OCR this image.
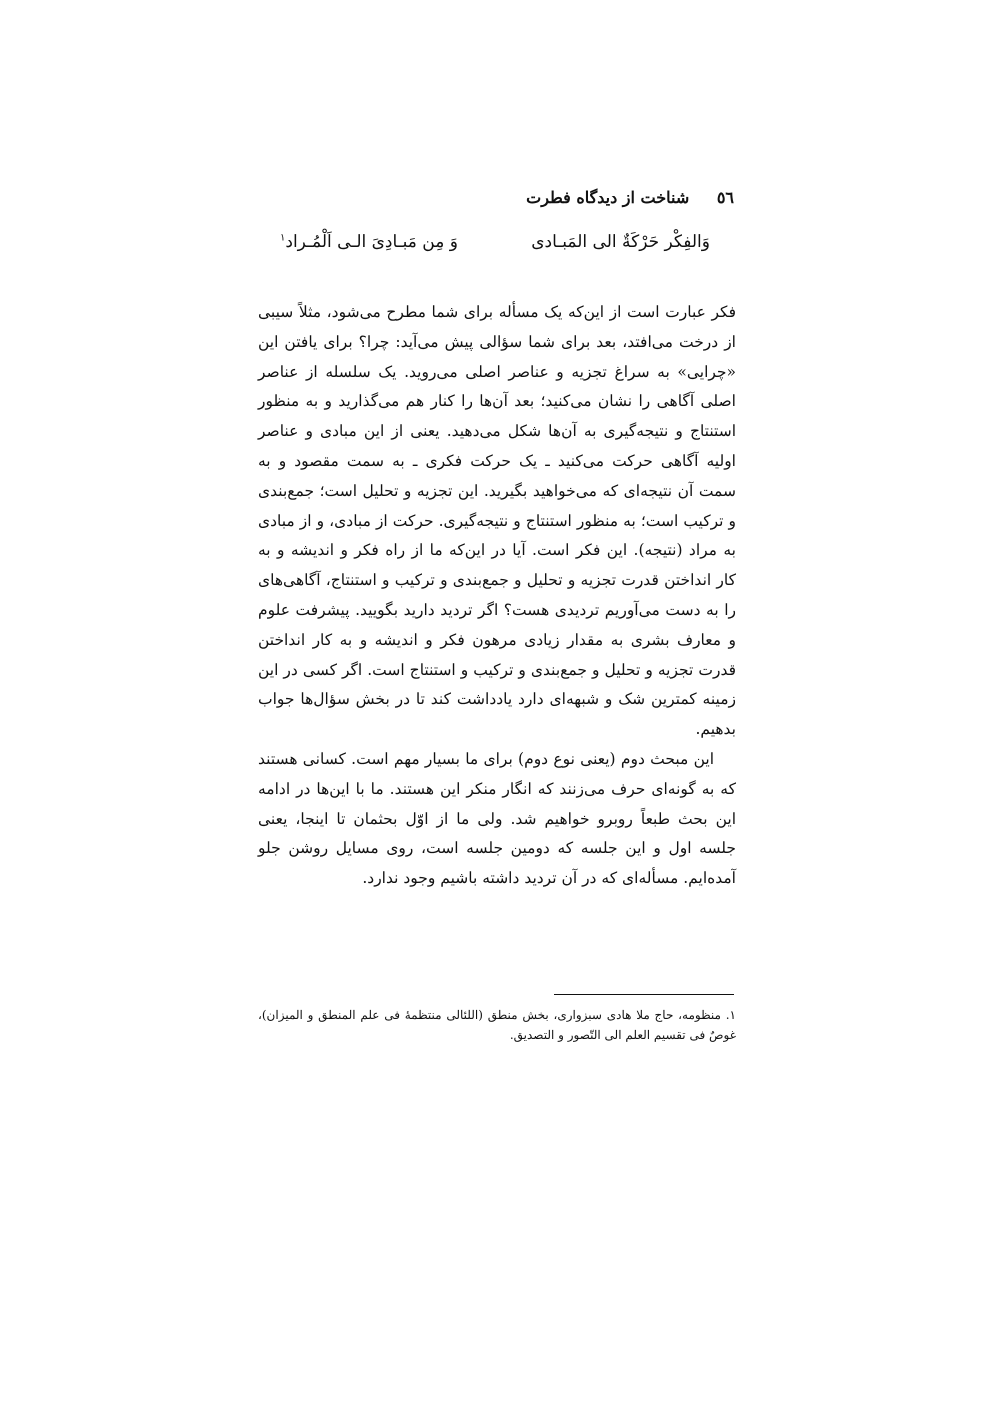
٥٦ شناخت از دیدگاه فطرت
وَالفِکْر حَرْکَةٌ الی المَبـادی
وَ مِن مَبـادِیَ الـی اَلْمُـراد$^۱$

فکر عبارت است از این‌که یک مسأله برای شما مطرح می‌شود، مثلاً سیبی از درخت می‌افتد، بعد برای شما سؤالی پیش می‌آید: چرا؟ برای یافتن این «چرایی» به سراغ تجزیه و عناصر اصلی می‌روید. یک سلسله از عناصر اصلی آگاهی را نشان می‌کنید؛ بعد آن‌ها را کنار هم می‌گذارید و به منظور استنتاج و نتیجه‌گیری به آن‌ها شکل می‌دهید. یعنی از این مبادی و عناصر اولیه آگاهی حرکت می‌کنید ـ یک حرکت فکری ـ به سمت مقصود و به سمت آن نتیجه‌ای که می‌خواهید بگیرید. این تجزیه و تحلیل است؛ جمع‌بندی و ترکیب است؛ به منظور استنتاج و نتیجه‌گیری. حرکت از مبادی، و از مبادی به مراد (نتیجه). این فکر است. آیا در این‌که ما از راه فکر و اندیشه و به کار انداختن قدرت تجزیه و تحلیل و جمع‌بندی و ترکیب و استنتاج، آگاهی‌های را به دست می‌آوریم تردیدی هست؟ اگر تردید دارید بگویید. پیشرفت علوم و معارف بشری به مقدار زیادی مرهون فکر و اندیشه و به کار انداختن قدرت تجزیه و تحلیل و جمع‌بندی و ترکیب و استنتاج است. اگر کسی در این زمینه کمترین شک و شبهه‌ای دارد یادداشت کند تا در بخش سؤال‌ها جواب بدهیم.

این مبحث دوم (یعنی نوع دوم) برای ما بسیار مهم است. کسانی هستند که به گونه‌ای حرف می‌زنند که انگار منکر این هستند. ما با این‌ها در ادامه این بحث طبعاً روبرو خواهیم شد. ولی ما از اوّل بحثمان تا اینجا، یعنی جلسه اول و این جلسه که دومین جلسه است، روی مسایل روشن جلو آمده‌ایم. مسأله‌ای که در آن تردید داشته باشیم وجود ندارد.

۱. منظومه، حاج ملا هادی سبزواری، بخش منطق (اللئالی منتظمهٔ فی علم المنطق و المیزان)، غوصٌ فی تقسیم العلم الی التّصور و التصدیق.
